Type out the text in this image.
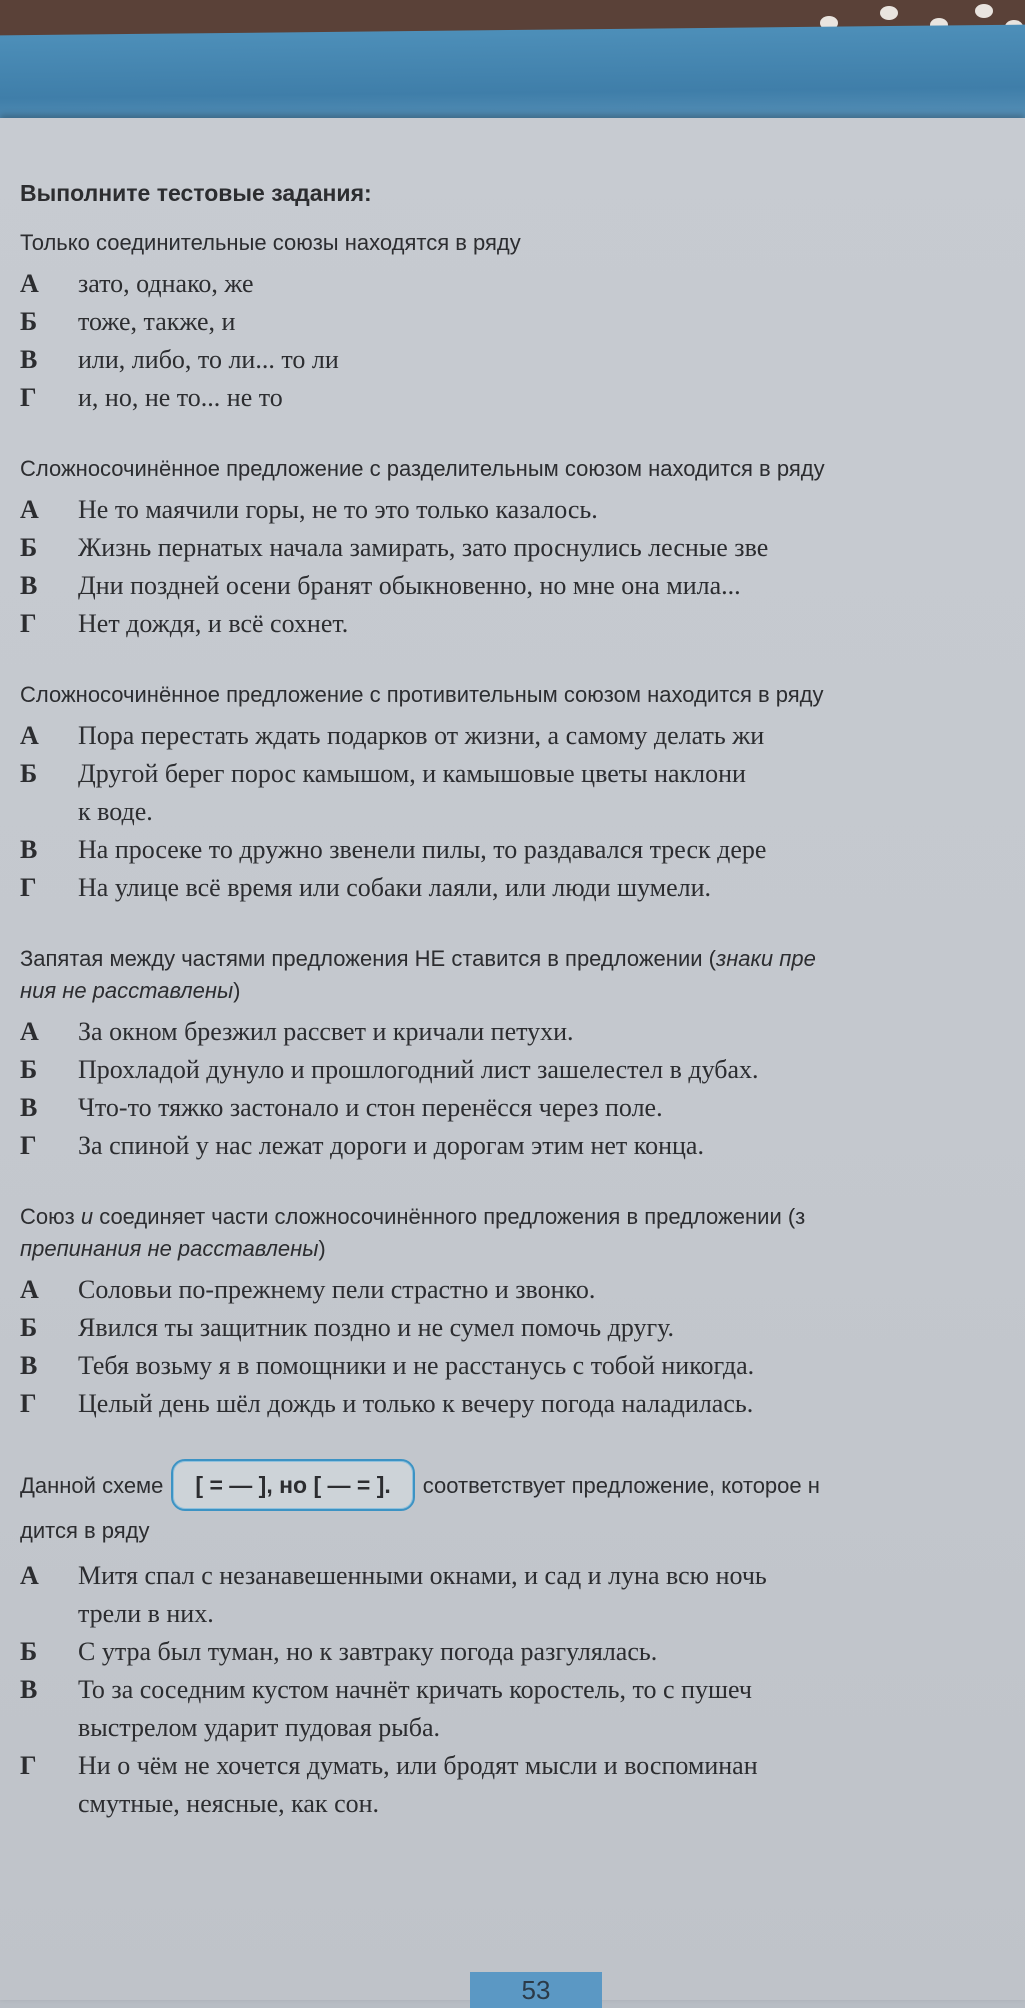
Выполните тестовые задания:
Только соединительные союзы находятся в ряду
А	зато, однако, же
Б	тоже, также, и
В	или, либо, то ли... то ли
Г	и, но, не то... не то
Сложносочинённое предложение с разделительным союзом находится в ряду
А	Не то маячили горы, не то это только казалось.
Б	Жизнь пернатых начала замирать, зато проснулись лесные зве
В	Дни поздней осени бранят обыкновенно, но мне она мила...
Г	Нет дождя, и всё сохнет.
Сложносочинённое предложение с противительным союзом находится в ряду
А	Пора перестать ждать подарков от жизни, а самому делать жи
Б	Другой берег порос камышом, и камышовые цветы наклони
к воде.
В	На просеке то дружно звенели пилы, то раздавался треск дере
Г	На улице всё время или собаки лаяли, или люди шумели.
Запятая между частями предложения НЕ ставится в предложении (знаки пре
ния не расставлены)
А	За окном брезжил рассвет и кричали петухи.
Б	Прохладой дунуло и прошлогодний лист зашелестел в дубах.
В	Что-то тяжко застонало и стон перенёсся через поле.
Г	За спиной у нас лежат дороги и дорогам этим нет конца.
Союз и соединяет части сложносочинённого предложения в предложении (з
препинания не расставлены)
А	Соловьи по-прежнему пели страстно и звонко.
Б	Явился ты защитник поздно и не сумел помочь другу.
В	Тебя возьму я в помощники и не расстанусь с тобой никогда.
Г	Целый день шёл дождь и только к вечеру погода наладилась.
Данной схеме [ = — ], но [ — = ]. соответствует предложение, которое н
дится в ряду
А	Митя спал с незанавешенными окнами, и сад и луна всю ночь
трели в них.
Б	С утра был туман, но к завтраку погода разгулялась.
В	То за соседним кустом начнёт кричать коростель, то с пушеч
выстрелом ударит пудовая рыба.
Г	Ни о чём не хочется думать, или бродят мысли и воспоминан
смутные, неясные, как сон.
53
